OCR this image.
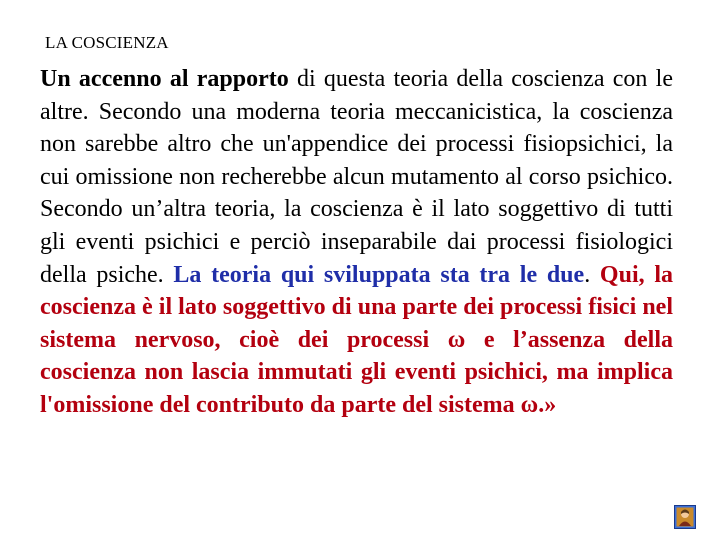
LA COSCIENZA

Un accenno al rapporto di questa teoria della coscienza con le altre. Secondo una moderna teoria meccanicistica, la coscienza non sarebbe altro che un'appendice dei processi fisiopsichici, la cui omissione non recherebbe alcun mutamento al corso psichico. Secondo un’altra teoria, la coscienza è il lato soggettivo di tutti gli eventi psichici e perciò inseparabile dai processi fisiologici della psiche. La teoria qui sviluppata sta tra le due. Qui, la coscienza è il lato soggettivo di una parte dei processi fisici nel sistema nervoso, cioè dei processi ω e l’assenza della coscienza non lascia immutati gli eventi psichici, ma implica l'omissione del contributo da parte del sistema ω.»
